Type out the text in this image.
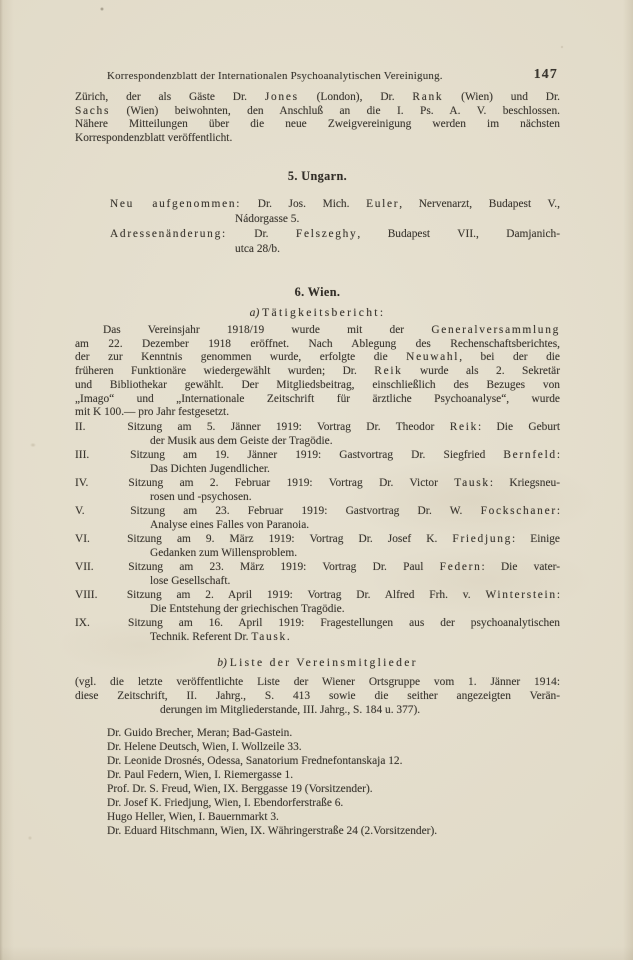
Korrespondenzblatt der Internationalen Psychoanalytischen Vereinigung.	147
Zürich, der als Gäste Dr. Jones (London), Dr. Rank (Wien) und Dr.
Sachs (Wien) beiwohnten, den Anschluß an die I. Ps. A. V. beschlossen.
Nähere Mitteilungen über die neue Zweigvereinigung werden im nächsten
Korrespondenzblatt veröffentlicht.
5. Ungarn.
Neu aufgenommen: Dr. Jos. Mich. Euler, Nervenarzt, Budapest V.,
Nádorgasse 5.
Adressenänderung: Dr. Felszeghy, Budapest VII., Damjanich-
utca 28/b.
6. Wien.
a) Tätigkeitsbericht:
Das Vereinsjahr 1918/19 wurde mit der Generalversammlung
am 22. Dezember 1918 eröffnet. Nach Ablegung des Rechenschaftsberichtes,
der zur Kenntnis genommen wurde, erfolgte die Neuwahl, bei der die
früheren Funktionäre wiedergewählt wurden; Dr. Reik wurde als 2. Sekretär
und Bibliothekar gewählt. Der Mitgliedsbeitrag, einschließlich des Bezuges von
„Imago“ und „Internationale Zeitschrift für ärztliche Psychoanalyse“, wurde
mit K 100.— pro Jahr festgesetzt.
II. Sitzung am 5. Jänner 1919: Vortrag Dr. Theodor Reik: Die Geburt
der Musik aus dem Geiste der Tragödie.
III. Sitzung am 19. Jänner 1919: Gastvortrag Dr. Siegfried Bernfeld:
Das Dichten Jugendlicher.
IV. Sitzung am 2. Februar 1919: Vortrag Dr. Victor Tausk: Kriegsneu-
rosen und -psychosen.
V. Sitzung am 23. Februar 1919: Gastvortrag Dr. W. Fockschaner:
Analyse eines Falles von Paranoia.
VI. Sitzung am 9. März 1919: Vortrag Dr. Josef K. Friedjung: Einige
Gedanken zum Willensproblem.
VII. Sitzung am 23. März 1919: Vortrag Dr. Paul Federn: Die vater-
lose Gesellschaft.
VIII. Sitzung am 2. April 1919: Vortrag Dr. Alfred Frh. v. Winterstein:
Die Entstehung der griechischen Tragödie.
IX. Sitzung am 16. April 1919: Fragestellungen aus der psychoanalytischen
Technik. Referent Dr. Tausk.
b) Liste der Vereinsmitglieder
(vgl. die letzte veröffentlichte Liste der Wiener Ortsgruppe vom 1. Jänner 1914:
diese Zeitschrift, II. Jahrg., S. 413 sowie die seither angezeigten Verän-
derungen im Mitgliederstande, III. Jahrg., S. 184 u. 377).
Dr. Guido Brecher, Meran; Bad-Gastein.
Dr. Helene Deutsch, Wien, I. Wollzeile 33.
Dr. Leonide Drosnés, Odessa, Sanatorium Frednefontanskaja 12.
Dr. Paul Federn, Wien, I. Riemergasse 1.
Prof. Dr. S. Freud, Wien, IX. Berggasse 19 (Vorsitzender).
Dr. Josef K. Friedjung, Wien, I. Ebendorferstraße 6.
Hugo Heller, Wien, I. Bauernmarkt 3.
Dr. Eduard Hitschmann, Wien, IX. Währingerstraße 24 (2.Vorsitzender).
